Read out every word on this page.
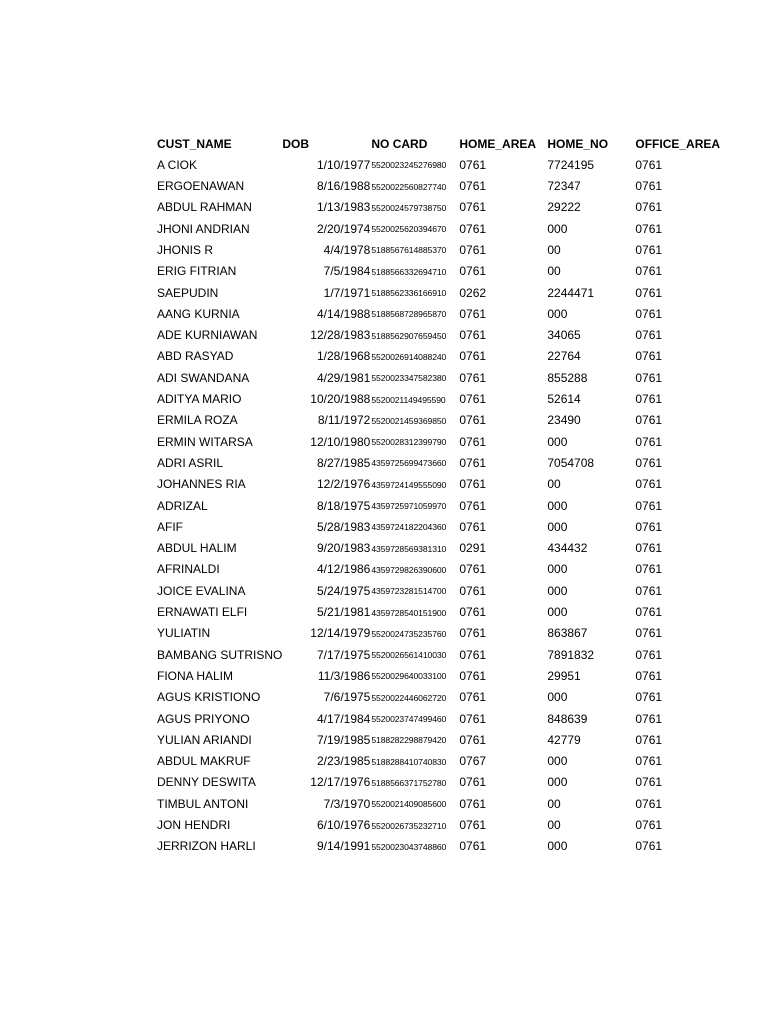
CUST_NAME	DOB	NO CARD	HOME_AREA	HOME_NO	OFFICE_AREA
A CIOK	1/10/1977	5520023245276980	0761	7724195	0761
ERGOENAWAN	8/16/1988	5520022560827740	0761	72347	0761
ABDUL RAHMAN	1/13/1983	5520024579738750	0761	29222	0761
JHONI ANDRIAN	2/20/1974	5520025620394670	0761	000	0761
JHONIS R	4/4/1978	5188567614885370	0761	00	0761
ERIG FITRIAN	7/5/1984	5188566332694710	0761	00	0761
SAEPUDIN	1/7/1971	5188562336166910	0262	2244471	0761
AANG KURNIA	4/14/1988	5188568728965870	0761	000	0761
ADE KURNIAWAN	12/28/1983	5188562907659450	0761	34065	0761
ABD RASYAD	1/28/1968	5520026914088240	0761	22764	0761
ADI SWANDANA	4/29/1981	5520023347582380	0761	855288	0761
ADITYA MARIO	10/20/1988	5520021149495590	0761	52614	0761
ERMILA ROZA	8/11/1972	5520021459369850	0761	23490	0761
ERMIN WITARSA	12/10/1980	5520028312399790	0761	000	0761
ADRI ASRIL	8/27/1985	4359725699473660	0761	7054708	0761
JOHANNES RIA	12/2/1976	4359724149555090	0761	00	0761
ADRIZAL	8/18/1975	4359725971059970	0761	000	0761
AFIF	5/28/1983	4359724182204360	0761	000	0761
ABDUL HALIM	9/20/1983	4359728569381310	0291	434432	0761
AFRINALDI	4/12/1986	4359729826390600	0761	000	0761
JOICE EVALINA	5/24/1975	4359723281514700	0761	000	0761
ERNAWATI ELFI	5/21/1981	4359728540151900	0761	000	0761
YULIATIN	12/14/1979	5520024735235760	0761	863867	0761
BAMBANG SUTRISNO	7/17/1975	5520026561410030	0761	7891832	0761
FIONA HALIM	11/3/1986	5520029640033100	0761	29951	0761
AGUS KRISTIONO	7/6/1975	5520022446062720	0761	000	0761
AGUS PRIYONO	4/17/1984	5520023747499460	0761	848639	0761
YULIAN ARIANDI	7/19/1985	5188282298879420	0761	42779	0761
ABDUL MAKRUF	2/23/1985	5188288410740830	0767	000	0761
DENNY DESWITA	12/17/1976	5188566371752780	0761	000	0761
TIMBUL ANTONI	7/3/1970	5520021409085600	0761	00	0761
JON HENDRI	6/10/1976	5520026735232710	0761	00	0761
JERRIZON HARLI	9/14/1991	5520023043748860	0761	000	0761
